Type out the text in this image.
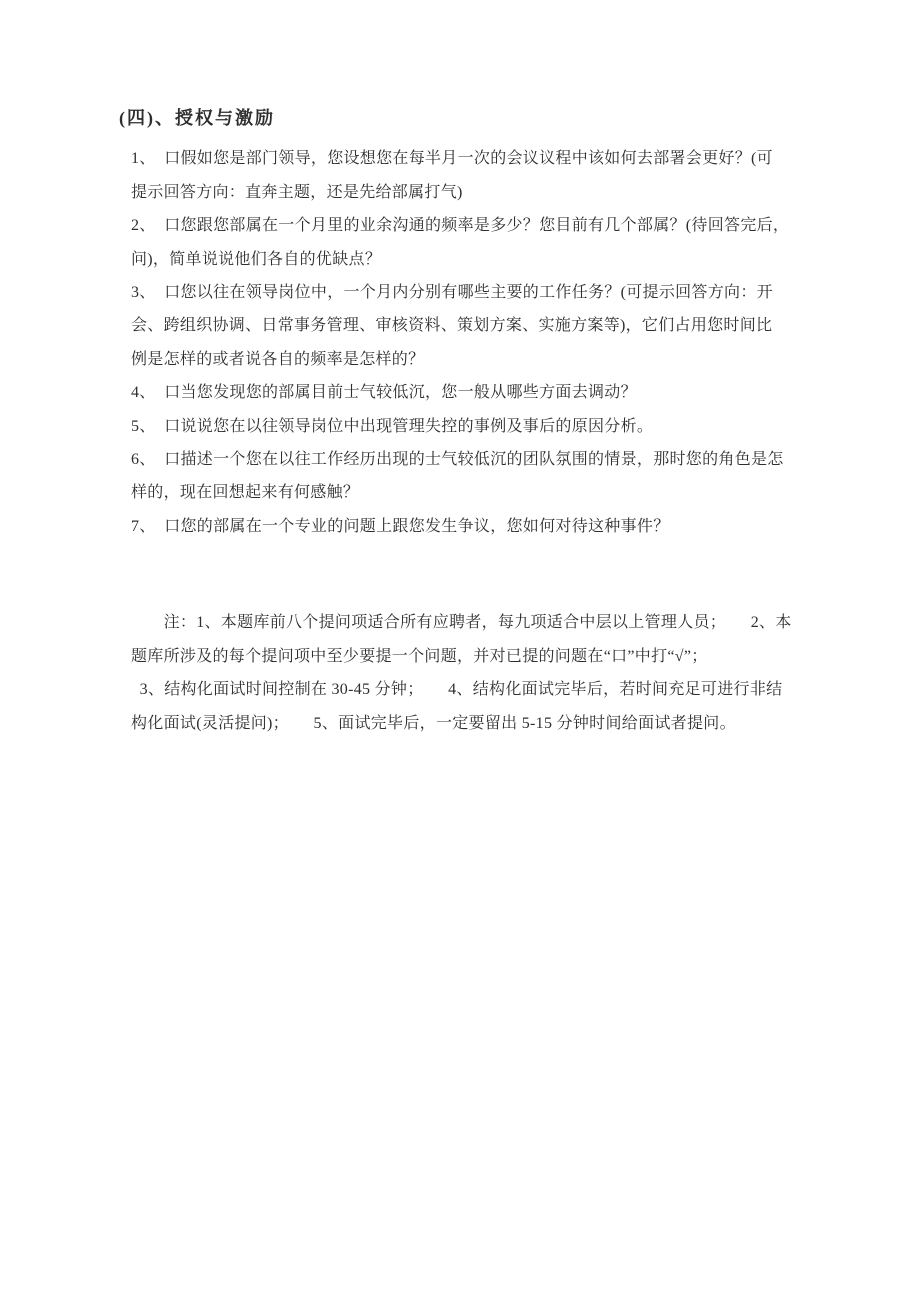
(四)、授权与激励
1、  口假如您是部门领导，您设想您在每半月一次的会议议程中该如何去部署会更好？(可
提示回答方向：直奔主题，还是先给部属打气)
2、  口您跟您部属在一个月里的业余沟通的频率是多少？您目前有几个部属？(待回答完后，
问)，简单说说他们各自的优缺点？
3、  口您以往在领导岗位中，一个月内分别有哪些主要的工作任务？(可提示回答方向：开
会、跨组织协调、日常事务管理、审核资料、策划方案、实施方案等)，它们占用您时间比
例是怎样的或者说各自的频率是怎样的？
4、  口当您发现您的部属目前士气较低沉，您一般从哪些方面去调动？
5、  口说说您在以往领导岗位中出现管理失控的事例及事后的原因分析。
6、  口描述一个您在以往工作经历出现的士气较低沉的团队氛围的情景，那时您的角色是怎
样的，现在回想起来有何感触？
7、  口您的部属在一个专业的问题上跟您发生争议，您如何对待这种事件？
　　注：1、本题库前八个提问项适合所有应聘者，每九项适合中层以上管理人员；　　2、本
题库所涉及的每个提问项中至少要提一个问题，并对已提的问题在“口”中打“√”；
3、结构化面试时间控制在 30-45 分钟；　　4、结构化面试完毕后，若时间充足可进行非结
构化面试(灵活提问)；　　5、面试完毕后，一定要留出 5-15 分钟时间给面试者提问。
